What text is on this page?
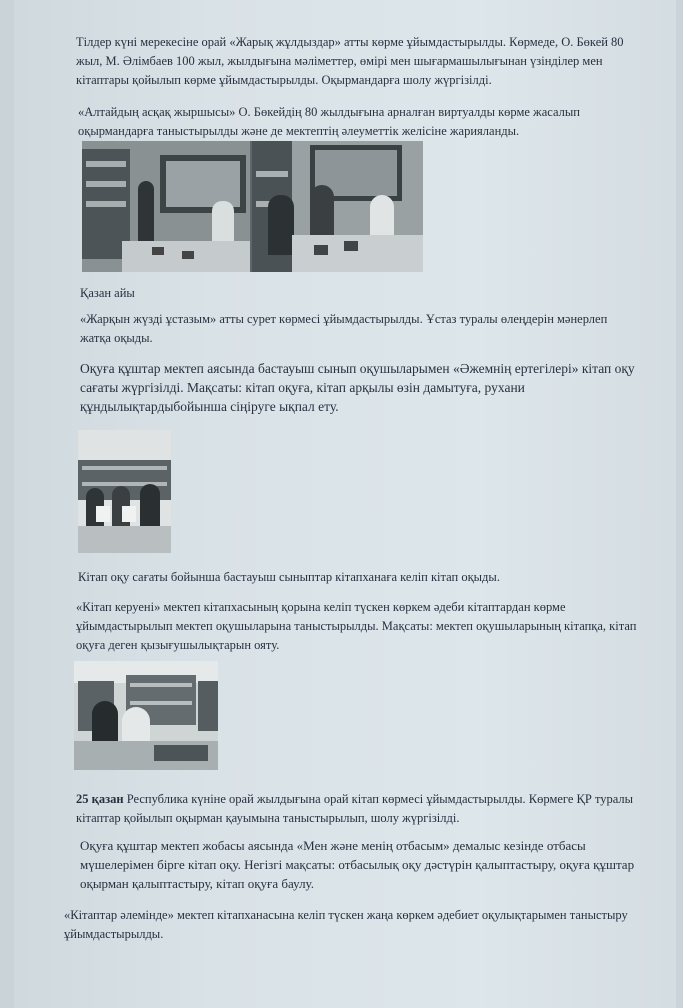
Тілдер күні мерекесіне орай «Жарық жұлдыздар» атты көрме ұйымдастырылды. Көрмеде, О. Бөкей 80 жыл, М. Әлімбаев 100 жыл, жылдығына мәліметтер, өмірі мен шығармашылығынан үзінділер мен кітаптары қойылып көрме ұйымдастырылды. Оқырмандарға шолу жүргізілді.

«Алтайдың асқақ жыршысы» О. Бөкейдің 80 жылдығына арналған виртуалды көрме жасалып оқырмандарға таныстырылды және де мектептің әлеуметтік желісіне жарияланды.

Қазан айы

«Жарқын жүзді ұстазым» атты сурет көрмесі ұйымдастырылды. Ұстаз туралы өлеңдерін мәнерлеп жатқа оқыды.

Оқуға құштар мектеп аясында бастауыш сынып оқушыларымен «Әжемнің ертегілері» кітап оқу сағаты жүргізілді. Мақсаты: кітап оқуға, кітап арқылы өзін дамытуға, рухани құндылықтардыбойынша сіңіруге ықпал ету.

Кітап оқу сағаты бойынша бастауыш сыныптар кітапханаға келіп кітап оқыды.

«Кітап керуені» мектеп кітапхасының қорына келіп түскен көркем әдеби кітаптардан көрме ұйымдастырылып мектеп оқушыларына таныстырылды. Мақсаты: мектеп оқушыларының кітапқа, кітап оқуға деген қызығушылықтарын ояту.

25 қазан Республика күніне орай жылдығына орай кітап көрмесі ұйымдастырылды. Көрмеге ҚР туралы кітаптар қойылып оқырман қауымына таныстырылып, шолу жүргізілді.

Оқуға құштар мектеп жобасы аясында «Мен және менің отбасым» демалыс кезінде отбасы мүшелерімен бірге кітап оқу. Негізгі мақсаты: отбасылық оқу дәстүрін қалыптастыру, оқуға құштар оқырман қалыптастыру, кітап оқуға баулу.

«Кітаптар әлемінде» мектеп кітапханасына келіп түскен жаңа көркем әдебиет оқулықтарымен таныстыру ұйымдастырылды.
